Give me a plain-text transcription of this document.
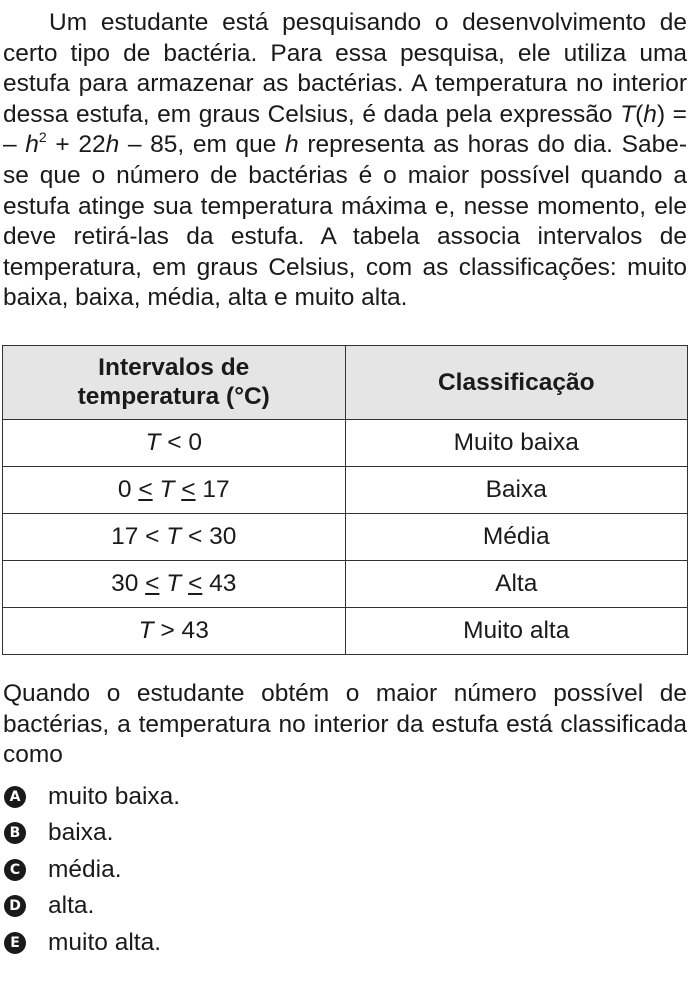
Um estudante está pesquisando o desenvolvimento de certo tipo de bactéria. Para essa pesquisa, ele utiliza uma estufa para armazenar as bactérias. A temperatura no interior dessa estufa, em graus Celsius, é dada pela expressão T(h) = – $h^2 + 22h - 85$, em que h representa as horas do dia. Sabe-se que o número de bactérias é o maior possível quando a estufa atinge sua temperatura máxima e, nesse momento, ele deve retirá-las da estufa. A tabela associa intervalos de temperatura, em graus Celsius, com as classificações: muito baixa, baixa, média, alta e muito alta.

Intervalos de
temperatura (°C)	Classificação
T < 0	Muito baixa
0 < T < 17	Baixa
17 < T < 30	Média
30 < T < 43	Alta
T > 43	Muito alta

Quando o estudante obtém o maior número possível de bactérias, a temperatura no interior da estufa está classificada como

A muito baixa.
B baixa.
C média.
D alta.
E muito alta.
